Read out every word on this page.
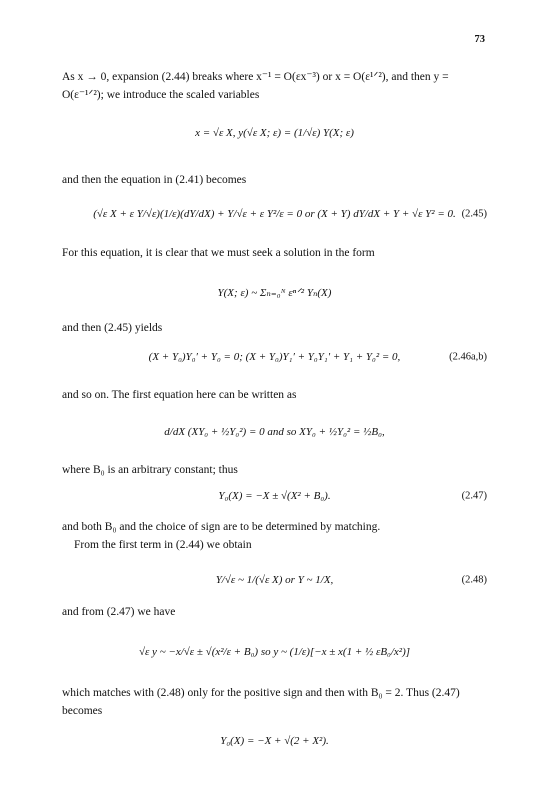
73
As x → 0, expansion (2.44) breaks where x⁻¹ = O(εx⁻³) or x = O(ε¹ᐟ²), and then y = O(ε⁻¹ᐟ²); we introduce the scaled variables
x = √ε X, y(√ε X; ε) = (1/√ε) Y(X; ε)
and then the equation in (2.41) becomes
(√ε X + ε Y/√ε)(1/ε)(dY/dX) + Y/√ε + ε Y²/ε = 0 or (X + Y) dY/dX + Y + √ε Y² = 0. (2.45)
For this equation, it is clear that we must seek a solution in the form
Y(X; ε) ~ Σₙ₌₀ᴺ εⁿᐟ² Yₙ(X)
and then (2.45) yields
(X + Y₀)Y₀′ + Y₀ = 0; (X + Y₀)Y₁′ + Y₀Y₁′ + Y₁ + Y₀² = 0,	(2.46a,b)
and so on. The first equation here can be written as
d/dX (XY₀ + ½Y₀²) = 0 and so XY₀ + ½Y₀² = ½B₀,
where B₀ is an arbitrary constant; thus
Y₀(X) = −X ± √(X² + B₀).	(2.47)
and both B₀ and the choice of sign are to be determined by matching.
From the first term in (2.44) we obtain
Y/√ε ~ 1/(√ε X) or Y ~ 1/X,	(2.48)
and from (2.47) we have
√ε y ~ −x/√ε ± √(x²/ε + B₀) so y ~ (1/ε)[−x ± x(1 + ½ εB₀/x²)]
which matches with (2.48) only for the positive sign and then with B₀ = 2. Thus (2.47) becomes
Y₀(X) = −X + √(2 + X²).
